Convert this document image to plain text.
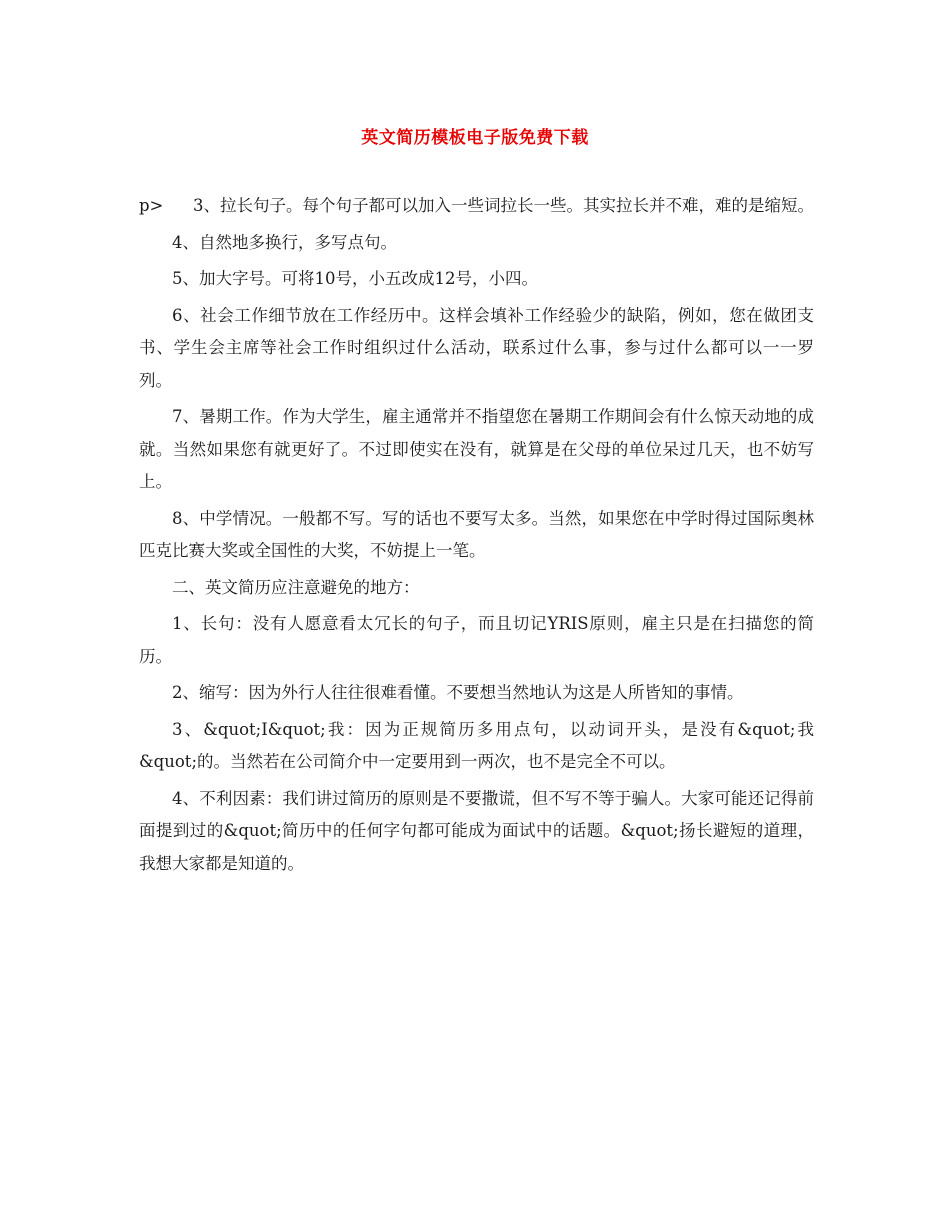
英文简历模板电子版免费下载

p> 3、拉长句子。每个句子都可以加入一些词拉长一些。其实拉长并不难，难的是缩短。

4、自然地多换行，多写点句。

5、加大字号。可将10号，小五改成12号，小四。

6、社会工作细节放在工作经历中。这样会填补工作经验少的缺陷，例如，您在做团支书、学生会主席等社会工作时组织过什么活动，联系过什么事，参与过什么都可以一一罗列。

7、暑期工作。作为大学生，雇主通常并不指望您在暑期工作期间会有什么惊天动地的成就。当然如果您有就更好了。不过即使实在没有，就算是在父母的单位呆过几天，也不妨写上。

8、中学情况。一般都不写。写的话也不要写太多。当然，如果您在中学时得过国际奥林匹克比赛大奖或全国性的大奖，不妨提上一笔。

二、英文简历应注意避免的地方：

1、长句：没有人愿意看太冗长的句子，而且切记YRIS原则，雇主只是在扫描您的简历。

2、缩写：因为外行人往往很难看懂。不要想当然地认为这是人所皆知的事情。

3、&quot;I&quot;我：因为正规简历多用点句，以动词开头，是没有&quot;我&quot;的。当然若在公司简介中一定要用到一两次，也不是完全不可以。

4、不利因素：我们讲过简历的原则是不要撒谎，但不写不等于骗人。大家可能还记得前面提到过的&quot;简历中的任何字句都可能成为面试中的话题。&quot;扬长避短的道理，我想大家都是知道的。
